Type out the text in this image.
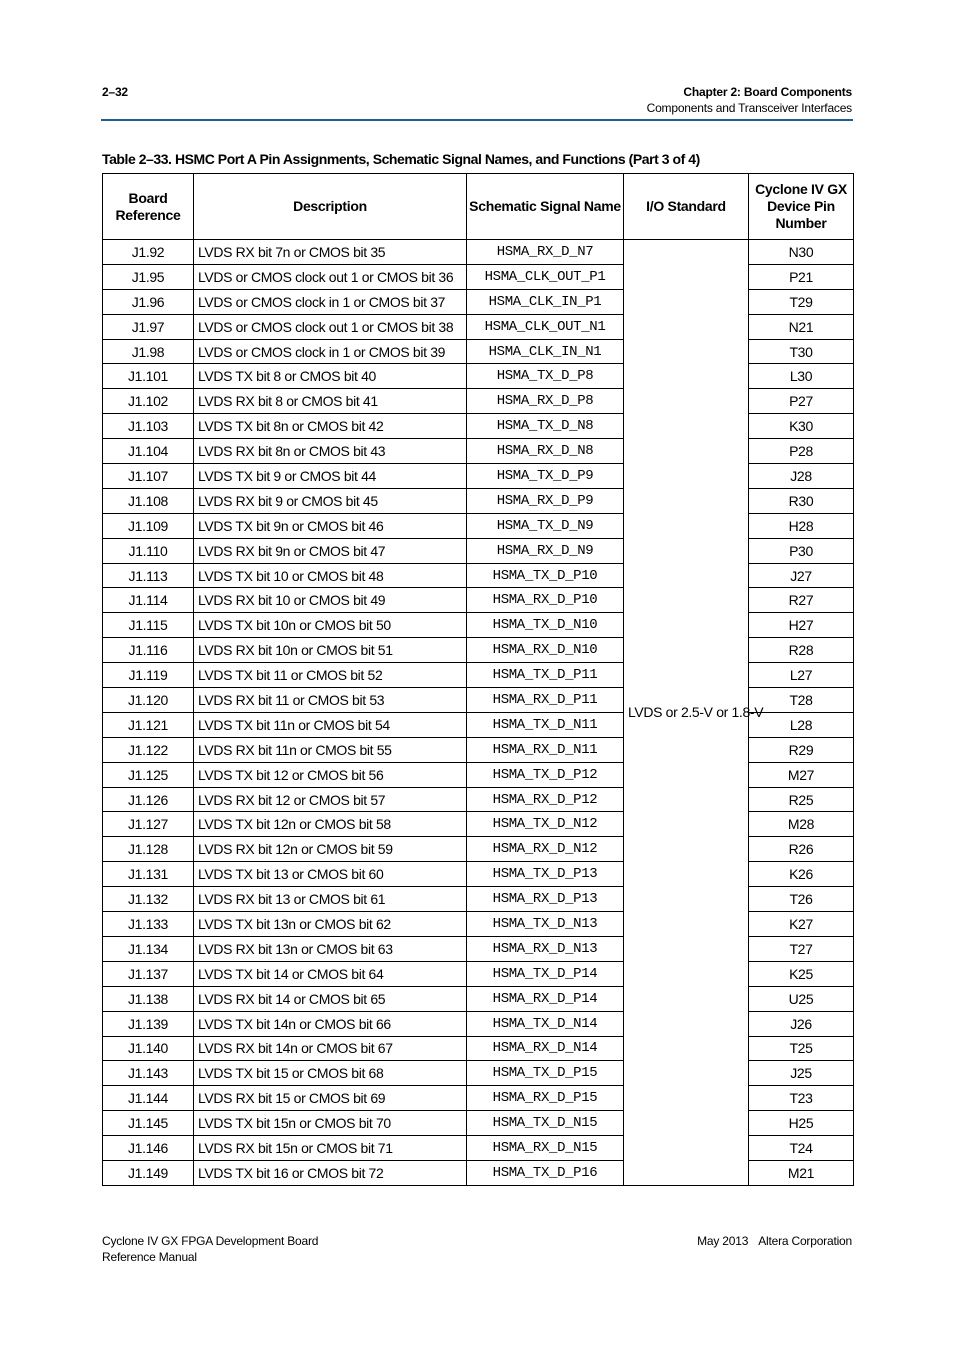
2–32	Chapter 2: Board Components
Components and Transceiver Interfaces
Table 2–33. HSMC Port A Pin Assignments, Schematic Signal Names, and Functions (Part 3 of 4)
Board Reference	Description	Schematic Signal Name	I/O Standard	Cyclone IV GX Device Pin Number
J1.92	LVDS RX bit 7n or CMOS bit 35	HSMA_RX_D_N7	LVDS or 2.5-V or 1.8-V	N30
J1.95	LVDS or CMOS clock out 1 or CMOS bit 36	HSMA_CLK_OUT_P1		P21
J1.96	LVDS or CMOS clock in 1 or CMOS bit 37	HSMA_CLK_IN_P1		T29
J1.97	LVDS or CMOS clock out 1 or CMOS bit 38	HSMA_CLK_OUT_N1		N21
J1.98	LVDS or CMOS clock in 1 or CMOS bit 39	HSMA_CLK_IN_N1		T30
J1.101	LVDS TX bit 8 or CMOS bit 40	HSMA_TX_D_P8		L30
J1.102	LVDS RX bit 8 or CMOS bit 41	HSMA_RX_D_P8		P27
J1.103	LVDS TX bit 8n or CMOS bit 42	HSMA_TX_D_N8		K30
J1.104	LVDS RX bit 8n or CMOS bit 43	HSMA_RX_D_N8		P28
J1.107	LVDS TX bit 9 or CMOS bit 44	HSMA_TX_D_P9		J28
J1.108	LVDS RX bit 9 or CMOS bit 45	HSMA_RX_D_P9		R30
J1.109	LVDS TX bit 9n or CMOS bit 46	HSMA_TX_D_N9		H28
J1.110	LVDS RX bit 9n or CMOS bit 47	HSMA_RX_D_N9		P30
J1.113	LVDS TX bit 10 or CMOS bit 48	HSMA_TX_D_P10		J27
J1.114	LVDS RX bit 10 or CMOS bit 49	HSMA_RX_D_P10		R27
J1.115	LVDS TX bit 10n or CMOS bit 50	HSMA_TX_D_N10		H27
J1.116	LVDS RX bit 10n or CMOS bit 51	HSMA_RX_D_N10		R28
J1.119	LVDS TX bit 11 or CMOS bit 52	HSMA_TX_D_P11		L27
J1.120	LVDS RX bit 11 or CMOS bit 53	HSMA_RX_D_P11		T28
J1.121	LVDS TX bit 11n or CMOS bit 54	HSMA_TX_D_N11		L28
J1.122	LVDS RX bit 11n or CMOS bit 55	HSMA_RX_D_N11		R29
J1.125	LVDS TX bit 12 or CMOS bit 56	HSMA_TX_D_P12		M27
J1.126	LVDS RX bit 12 or CMOS bit 57	HSMA_RX_D_P12		R25
J1.127	LVDS TX bit 12n or CMOS bit 58	HSMA_TX_D_N12		M28
J1.128	LVDS RX bit 12n or CMOS bit 59	HSMA_RX_D_N12		R26
J1.131	LVDS TX bit 13 or CMOS bit 60	HSMA_TX_D_P13		K26
J1.132	LVDS RX bit 13 or CMOS bit 61	HSMA_RX_D_P13		T26
J1.133	LVDS TX bit 13n or CMOS bit 62	HSMA_TX_D_N13		K27
J1.134	LVDS RX bit 13n or CMOS bit 63	HSMA_RX_D_N13		T27
J1.137	LVDS TX bit 14 or CMOS bit 64	HSMA_TX_D_P14		K25
J1.138	LVDS RX bit 14 or CMOS bit 65	HSMA_RX_D_P14		U25
J1.139	LVDS TX bit 14n or CMOS bit 66	HSMA_TX_D_N14		J26
J1.140	LVDS RX bit 14n or CMOS bit 67	HSMA_RX_D_N14		T25
J1.143	LVDS TX bit 15 or CMOS bit 68	HSMA_TX_D_P15		J25
J1.144	LVDS RX bit 15 or CMOS bit 69	HSMA_RX_D_P15		T23
J1.145	LVDS TX bit 15n or CMOS bit 70	HSMA_TX_D_N15		H25
J1.146	LVDS RX bit 15n or CMOS bit 71	HSMA_RX_D_N15		T24
J1.149	LVDS TX bit 16 or CMOS bit 72	HSMA_TX_D_P16		M21
Cyclone IV GX FPGA Development Board
Reference Manual
May 2013 Altera Corporation
